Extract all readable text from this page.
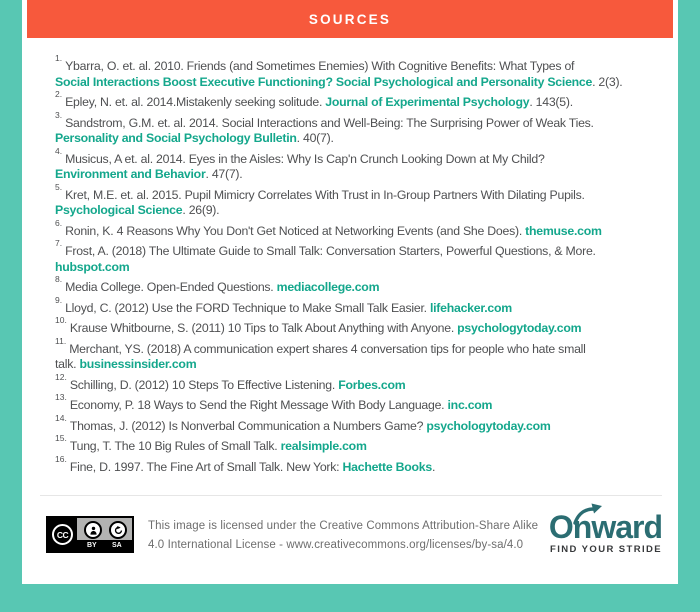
SOURCES

$^{1.}$Ybarra, O. et. al. 2010. Friends (and Sometimes Enemies) With Cognitive Benefits: What Types of
Social Interactions Boost Executive Functioning? Social Psychological and Personality Science. 2(3).

$^{2.}$Epley, N. et. al. 2014.Mistakenly seeking solitude. Journal of Experimental Psychology. 143(5).

$^{3.}$Sandstrom, G.M. et. al. 2014. Social Interactions and Well-Being: The Surprising Power of Weak Ties.
Personality and Social Psychology Bulletin. 40(7).

$^{4.}$Musicus, A et. al. 2014. Eyes in the Aisles: Why Is Cap'n Crunch Looking Down at My Child?
Environment and Behavior. 47(7).

$^{5.}$Kret, M.E. et. al. 2015. Pupil Mimicry Correlates With Trust in In-Group Partners With Dilating Pupils.
Psychological Science. 26(9).

$^{6.}$Ronin, K. 4 Reasons Why You Don't Get Noticed at Networking Events (and She Does). themuse.com

$^{7.}$Frost, A. (2018) The Ultimate Guide to Small Talk: Conversation Starters, Powerful Questions, & More.
hubspot.com

$^{8.}$Media College. Open-Ended Questions. mediacollege.com

$^{9.}$Lloyd, C. (2012) Use the FORD Technique to Make Small Talk Easier. lifehacker.com

$^{10.}$Krause Whitbourne, S. (2011) 10 Tips to Talk About Anything with Anyone. psychologytoday.com

$^{11.}$Merchant, YS. (2018) A communication expert shares 4 conversation tips for people who hate small
talk. businessinsider.com

$^{12.}$Schilling, D. (2012) 10 Steps To Effective Listening. Forbes.com

$^{13.}$Economy, P. 18 Ways to Send the Right Message With Body Language. inc.com

$^{14.}$Thomas, J. (2012) Is Nonverbal Communication a Numbers Game? psychologytoday.com

$^{15.}$Tung, T. The 10 Big Rules of Small Talk. realsimple.com

$^{16.}$Fine, D. 1997. The Fine Art of Small Talk. New York: Hachette Books.

CC
BY SA
This image is licensed under the Creative Commons Attribution-Share Alike
4.0 International License - www.creativecommons.org/licenses/by-sa/4.0 Onward
FIND YOUR STRIDE
